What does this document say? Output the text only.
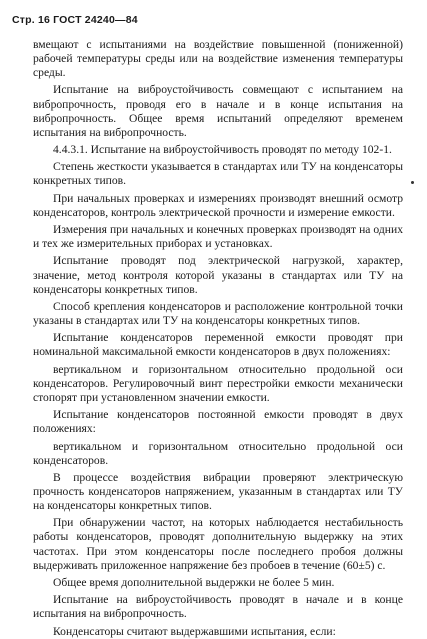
Стр. 16 ГОСТ 24240—84

вмещают с испытаниями на воздействие повышенной (пониженной) рабочей температуры среды или на воздействие изменения температуры среды.

Испытание на виброустойчивость совмещают с испытанием на вибропрочность, проводя его в начале и в конце испытания на вибропрочность. Общее время испытаний определяют временем испытания на вибропрочность.

4.4.3.1. Испытание на виброустойчивость проводят по методу 102-1.

Степень жесткости указывается в стандартах или ТУ на конденсаторы конкретных типов.

При начальных проверках и измерениях производят внешний осмотр конденсаторов, контроль электрической прочности и измерение емкости.

Измерения при начальных и конечных проверках производят на одних и тех же измерительных приборах и установках.

Испытание проводят под электрической нагрузкой, характер, значение, метод контроля которой указаны в стандартах или ТУ на конденсаторы конкретных типов.

Способ крепления конденсаторов и расположение контрольной точки указаны в стандартах или ТУ на конденсаторы конкретных типов.

Испытание конденсаторов переменной емкости проводят при номинальной максимальной емкости конденсаторов в двух положениях:

вертикальном и горизонтальном относительно продольной оси конденсаторов. Регулировочный винт перестройки емкости механически стопорят при установленном значении емкости.

Испытание конденсаторов постоянной емкости проводят в двух положениях:

вертикальном и горизонтальном относительно продольной оси конденсаторов.

В процессе воздействия вибрации проверяют электрическую прочность конденсаторов напряжением, указанным в стандартах или ТУ на конденсаторы конкретных типов.

При обнаружении частот, на которых наблюдается нестабильность работы конденсаторов, проводят дополнительную выдержку на этих частотах. При этом конденсаторы после последнего пробоя должны выдерживать приложенное напряжение без пробоев в течение (60±5) с.

Общее время дополнительной выдержки не более 5 мин.

Испытание на виброустойчивость проводят в начале и в конце испытания на вибропрочность.

Конденсаторы считают выдержавшими испытания, если:
